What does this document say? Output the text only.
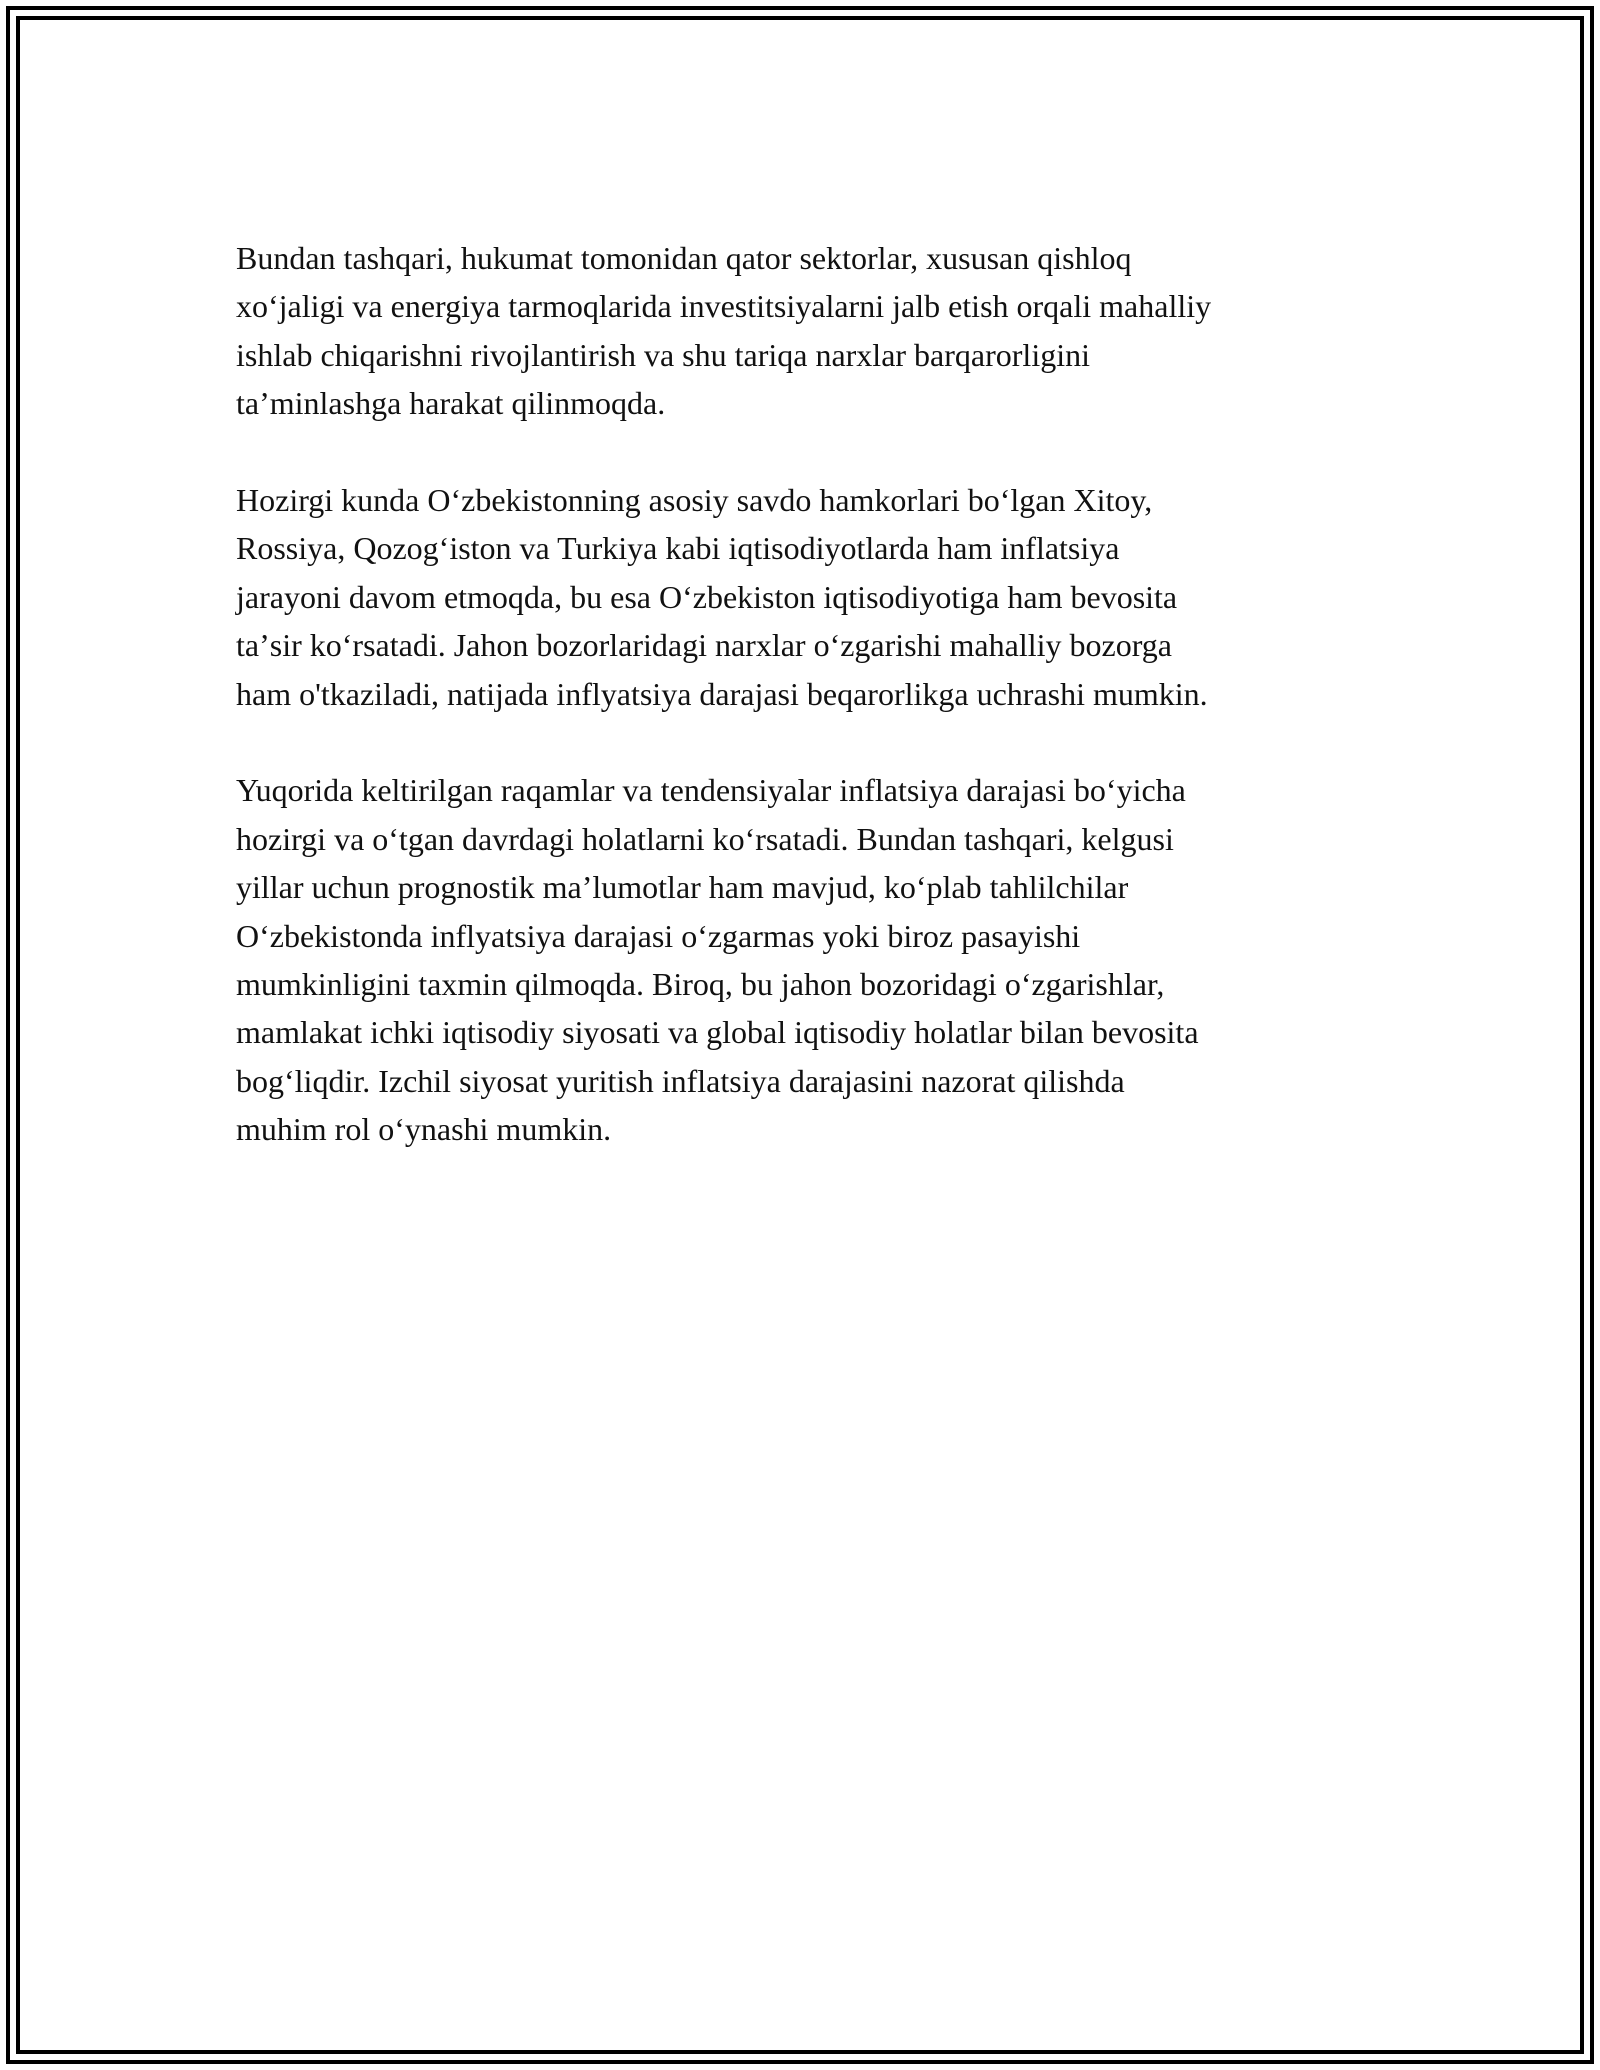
Bundan tashqari, hukumat tomonidan qator sektorlar, xususan qishloq
xoʻjaligi va energiya tarmoqlarida investitsiyalarni jalb etish orqali mahalliy
ishlab chiqarishni rivojlantirish va shu tariqa narxlar barqarorligini
taʼminlashga harakat qilinmoqda.

Hozirgi kunda Oʻzbekistonning asosiy savdo hamkorlari boʻlgan Xitoy,
Rossiya, Qozogʻiston va Turkiya kabi iqtisodiyotlarda ham inflatsiya
jarayoni davom etmoqda, bu esa Oʻzbekiston iqtisodiyotiga ham bevosita
taʼsir koʻrsatadi. Jahon bozorlaridagi narxlar oʻzgarishi mahalliy bozorga
ham o'tkaziladi, natijada inflyatsiya darajasi beqarorlikga uchrashi mumkin.

Yuqorida keltirilgan raqamlar va tendensiyalar inflatsiya darajasi boʻyicha
hozirgi va oʻtgan davrdagi holatlarni koʻrsatadi. Bundan tashqari, kelgusi
yillar uchun prognostik maʼlumotlar ham mavjud, koʻplab tahlilchilar
Oʻzbekistonda inflyatsiya darajasi oʻzgarmas yoki biroz pasayishi
mumkinligini taxmin qilmoqda. Biroq, bu jahon bozoridagi oʻzgarishlar,
mamlakat ichki iqtisodiy siyosati va global iqtisodiy holatlar bilan bevosita
bogʻliqdir. Izchil siyosat yuritish inflatsiya darajasini nazorat qilishda
muhim rol oʻynashi mumkin.
